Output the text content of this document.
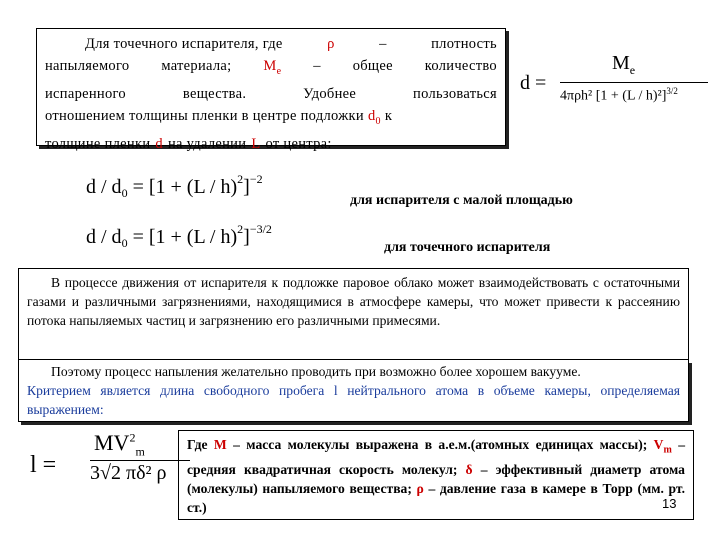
Для точечного испарителя, где	ρ	–	плотность
напыляемого материала; $M_e$ – общее количество
испаренного	вещества.	Удобнее	пользоваться
отношением толщины пленки в центре подложки $d_0$ к
толщине пленки d на удалении L от центра:
d =
$M_e$
4πρh² $[1 + (L / h)^2]^{3/2}$
$d / d_0 = [1 + (L / h)^2]^{-2}$
для испарителя с малой площадью
$d / d_0 = [1 + (L / h)^2]^{-3/2}$
для точечного испарителя
В процессе движения от испарителя к подложке паровое облако может взаимодействовать с остаточными газами и различными загрязнениями, находящимися в атмосфере камеры, что может привести к рассеянию потока напыляемых частиц и загрязнению его различными примесями.
Поэтому процесс напыления желательно проводить при возможно более хорошем вакууме.
Критерием является длина свободного пробега l нейтрального атома в объеме камеры, определяемая выражением:
l =
$MV^2_m$
3√2 πδ² ρ
Где M – масса молекулы выражена в а.е.м.(атомных единицах массы); $V_m$ – средняя квадратичная скорость молекул; δ – эффективный диаметр атома (молекулы) напыляемого вещества; ρ – давление газа в камере в Торр (мм. рт. ст.)	13
